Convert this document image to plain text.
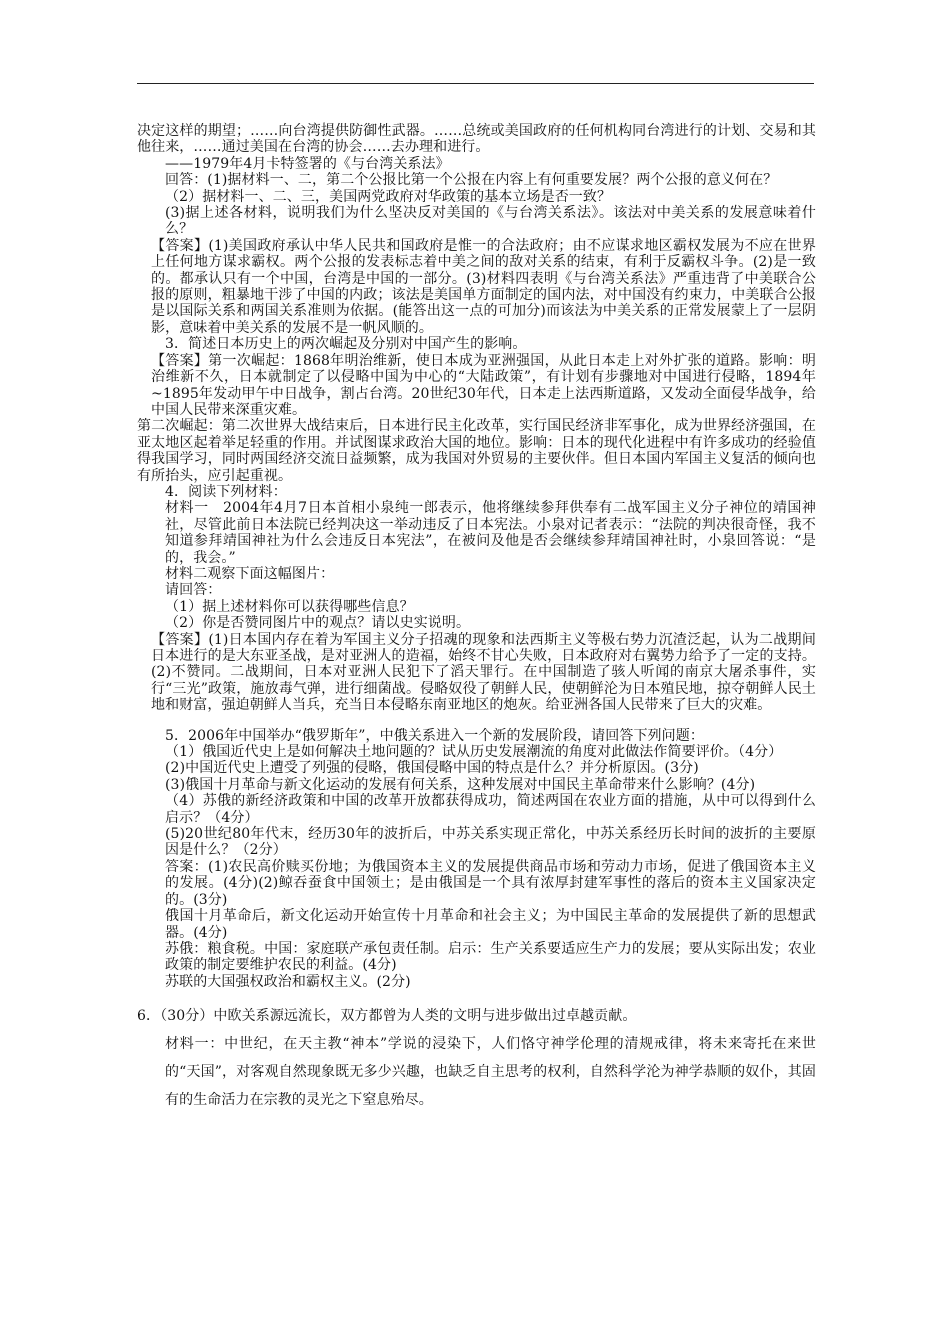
决定这样的期望；……向台湾提供防御性武器。……总统或美国政府的任何机构同台湾进行的计划、交易和其他往来，……通过美国在台湾的协会……去办理和进行。

——1979年4月卡特签署的《与台湾关系法》

回答：(1)据材料一、二，第二个公报比第一个公报在内容上有何重要发展？两个公报的意义何在？

（2）据材料一、二、三，美国两党政府对华政策的基本立场是否一致？

(3)据上述各材料，说明我们为什么坚决反对美国的《与台湾关系法》。该法对中美关系的发展意味着什么？

【答案】(1)美国政府承认中华人民共和国政府是惟一的合法政府；由不应谋求地区霸权发展为不应在世界上任何地方谋求霸权。两个公报的发表标志着中美之间的敌对关系的结束，有利于反霸权斗争。(2)是一致的。都承认只有一个中国，台湾是中国的一部分。(3)材料四表明《与台湾关系法》严重违背了中美联合公报的原则，粗暴地干涉了中国的内政；该法是美国单方面制定的国内法，对中国没有约束力，中美联合公报是以国际关系和两国关系准则为依据。(能答出这一点的可加分)而该法为中美关系的正常发展蒙上了一层阴影，意味着中美关系的发展不是一帆风顺的。

3．简述日本历史上的两次崛起及分别对中国产生的影响。

【答案】第一次崛起：1868年明治维新，使日本成为亚洲强国，从此日本走上对外扩张的道路。影响：明治维新不久，日本就制定了以侵略中国为中心的“大陆政策”，有计划有步骤地对中国进行侵略，1894年~1895年发动甲午中日战争，割占台湾。20世纪30年代，日本走上法西斯道路，又发动全面侵华战争，给中国人民带来深重灾难。

第二次崛起：第二次世界大战结束后，日本进行民主化改革，实行国民经济非军事化，成为世界经济强国，在亚太地区起着举足轻重的作用。并试图谋求政治大国的地位。影响：日本的现代化进程中有许多成功的经验值得我国学习，同时两国经济交流日益频繁，成为我国对外贸易的主要伙伴。但日本国内军国主义复活的倾向也有所抬头，应引起重视。

4．阅读下列材料：

材料一　2004年4月7日本首相小泉纯一郎表示，他将继续参拜供奉有二战军国主义分子神位的靖国神社，尽管此前日本法院已经判决这一举动违反了日本宪法。小泉对记者表示：“法院的判决很奇怪，我不知道参拜靖国神社为什么会违反日本宪法”，在被问及他是否会继续参拜靖国神社时，小泉回答说：“是的，我会。”

材料二观察下面这幅图片：

请回答：

（1）据上述材料你可以获得哪些信息？

（2）你是否赞同图片中的观点？请以史实说明。

【答案】(1)日本国内存在着为军国主义分子招魂的现象和法西斯主义等极右势力沉渣泛起，认为二战期间日本进行的是大东亚圣战，是对亚洲人的造福，始终不甘心失败，日本政府对右翼势力给予了一定的支持。(2)不赞同。二战期间，日本对亚洲人民犯下了滔天罪行。在中国制造了骇人听闻的南京大屠杀事件，实行“三光”政策，施放毒气弹，进行细菌战。侵略奴役了朝鲜人民，使朝鲜沦为日本殖民地，掠夺朝鲜人民土地和财富，强迫朝鲜人当兵，充当日本侵略东南亚地区的炮灰。给亚洲各国人民带来了巨大的灾难。

5．2006年中国举办“俄罗斯年”，中俄关系进入一个新的发展阶段，请回答下列问题：

（1）俄国近代史上是如何解决土地问题的？试从历史发展潮流的角度对此做法作简要评价。（4分）

(2)中国近代史上遭受了列强的侵略，俄国侵略中国的特点是什么？并分析原因。(3分)

(3)俄国十月革命与新文化运动的发展有何关系，这种发展对中国民主革命带来什么影响？(4分)

（4）苏俄的新经济政策和中国的改革开放都获得成功，简述两国在农业方面的措施，从中可以得到什么启示？（4分）

(5)20世纪80年代末，经历30年的波折后，中苏关系实现正常化，中苏关系经历长时间的波折的主要原因是什么？（2分）

答案：(1)农民高价赎买份地；为俄国资本主义的发展提供商品市场和劳动力市场，促进了俄国资本主义的发展。(4分)(2)鲸吞蚕食中国领土；是由俄国是一个具有浓厚封建军事性的落后的资本主义国家决定的。(3分)

俄国十月革命后，新文化运动开始宣传十月革命和社会主义；为中国民主革命的发展提供了新的思想武器。(4分)

苏俄：粮食税。中国：家庭联产承包责任制。启示：生产关系要适应生产力的发展；要从实际出发；农业政策的制定要维护农民的利益。(4分)

苏联的大国强权政治和霸权主义。(2分)

6．（30分）中欧关系源远流长，双方都曾为人类的文明与进步做出过卓越贡献。

材料一：中世纪，在天主教“神本”学说的浸染下，人们恪守神学伦理的清规戒律，将未来寄托在来世的“天国”，对客观自然现象既无多少兴趣，也缺乏自主思考的权利，自然科学沦为神学恭顺的奴仆，其固有的生命活力在宗教的灵光之下窒息殆尽。
